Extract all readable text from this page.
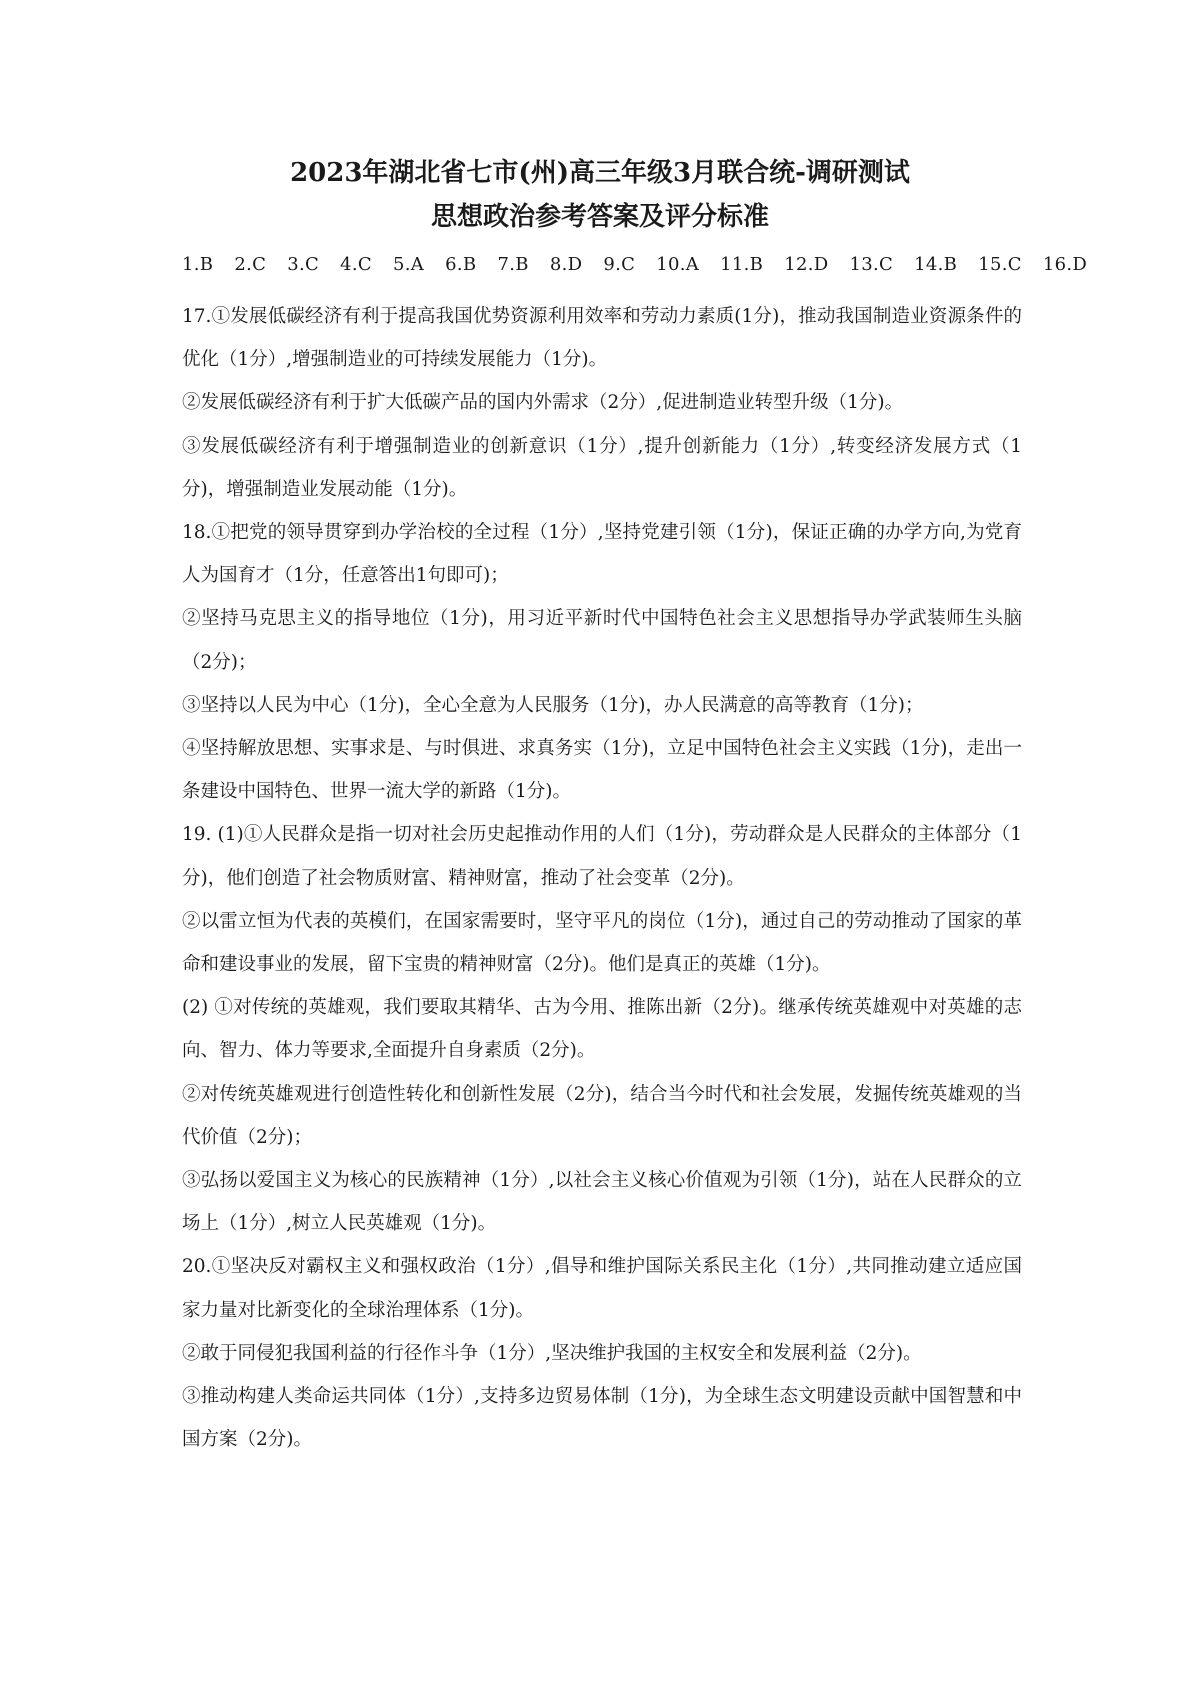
2023年湖北省七市(州)高三年级3月联合统-调研测试
思想政治参考答案及评分标准
1.B 2.C 3.C 4.C 5.A 6.B 7.B 8.D 9.C 10.A 11.B 12.D 13.C 14.B 15.C 16.D

17.①发展低碳经济有利于提高我国优势资源利用效率和劳动力素质(1分)，推动我国制造业资源条件的优化（1分）,增强制造业的可持续发展能力（1分)。

②发展低碳经济有利于扩大低碳产品的国内外需求（2分）,促进制造业转型升级（1分)。

③发展低碳经济有利于增强制造业的创新意识（1分）,提升创新能力（1分）,转变经济发展方式（1分)，增强制造业发展动能（1分)。

18.①把党的领导贯穿到办学治校的全过程（1分）,坚持党建引领（1分)，保证正确的办学方向,为党育人为国育才（1分，任意答出1句即可)；

②坚持马克思主义的指导地位（1分)，用习近平新时代中国特色社会主义思想指导办学武装师生头脑（2分)；

③坚持以人民为中心（1分)，全心全意为人民服务（1分)，办人民满意的高等教育（1分)；

④坚持解放思想、实事求是、与时俱进、求真务实（1分)，立足中国特色社会主义实践（1分)，走出一条建设中国特色、世界一流大学的新路（1分)。

19. (1)①人民群众是指一切对社会历史起推动作用的人们（1分)，劳动群众是人民群众的主体部分（1分)，他们创造了社会物质财富、精神财富，推动了社会变革（2分)。

②以雷立恒为代表的英模们，在国家需要时，坚守平凡的岗位（1分)，通过自己的劳动推动了国家的革命和建设事业的发展，留下宝贵的精神财富（2分)。他们是真正的英雄（1分)。

(2) ①对传统的英雄观，我们要取其精华、古为今用、推陈出新（2分)。继承传统英雄观中对英雄的志向、智力、体力等要求,全面提升自身素质（2分)。

②对传统英雄观进行创造性转化和创新性发展（2分)，结合当今时代和社会发展，发掘传统英雄观的当代价值（2分)；

③弘扬以爱国主义为核心的民族精神（1分）,以社会主义核心价值观为引领（1分)，站在人民群众的立场上（1分）,树立人民英雄观（1分)。

20.①坚决反对霸权主义和强权政治（1分）,倡导和维护国际关系民主化（1分）,共同推动建立适应国家力量对比新变化的全球治理体系（1分)。

②敢于同侵犯我国利益的行径作斗争（1分）,坚决维护我国的主权安全和发展利益（2分)。

③推动构建人类命运共同体（1分）,支持多边贸易体制（1分)，为全球生态文明建设贡献中国智慧和中国方案（2分)。
